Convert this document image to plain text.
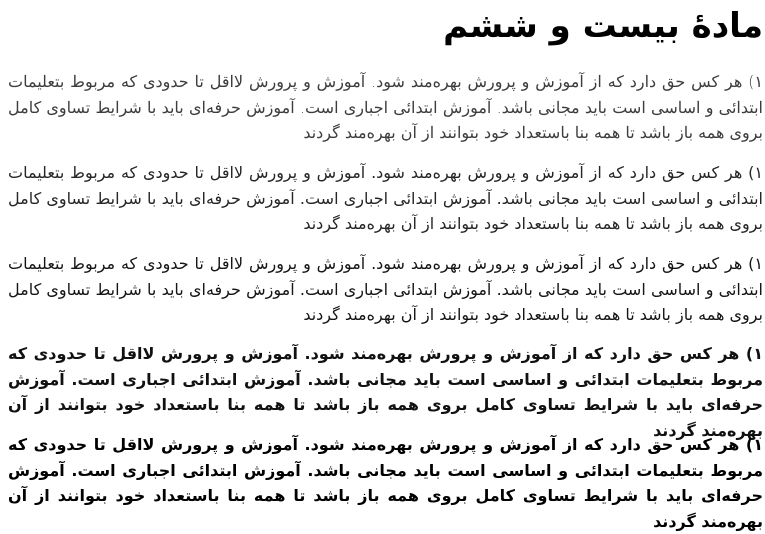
مادهٔ بیست و ششم

۱) هر کس حق دارد که از آموزش و پرورش بهره‌مند شود. آموزش و پرورش لااقل تا حدودی که مربوط بتعلیمات ابتدائی و اساسی است باید مجانی باشد. آموزش ابتدائی اجباری است. آموزش حرفه‌ای باید با شرایط تساوی کامل بروی همه باز باشد تا همه بنا باستعداد خود بتوانند از آن بهره‌مند گردند

۱) هر کس حق دارد که از آموزش و پرورش بهره‌مند شود. آموزش و پرورش لااقل تا حدودی که مربوط بتعلیمات ابتدائی و اساسی است باید مجانی باشد. آموزش ابتدائی اجباری است. آموزش حرفه‌ای باید با شرایط تساوی کامل بروی همه باز باشد تا همه بنا باستعداد خود بتوانند از آن بهره‌مند گردند

۱) هر کس حق دارد که از آموزش و پرورش بهره‌مند شود. آموزش و پرورش لااقل تا حدودی که مربوط بتعلیمات ابتدائی و اساسی است باید مجانی باشد. آموزش ابتدائی اجباری است. آموزش حرفه‌ای باید با شرایط تساوی کامل بروی همه باز باشد تا همه بنا باستعداد خود بتوانند از آن بهره‌مند گردند

۱) هر کس حق دارد که از آموزش و پرورش بهره‌مند شود. آموزش و پرورش لااقل تا حدودی که مربوط بتعلیمات ابتدائی و اساسی است باید مجانی باشد. آموزش ابتدائی اجباری است. آموزش حرفه‌ای باید با شرایط تساوی کامل بروی همه باز باشد تا همه بنا باستعداد خود بتوانند از آن بهره‌مند گردند

۱) هر کس حق دارد که از آموزش و پرورش بهره‌مند شود. آموزش و پرورش لااقل تا حدودی که مربوط بتعلیمات ابتدائی و اساسی است باید مجانی باشد. آموزش ابتدائی اجباری است. آموزش حرفه‌ای باید با شرایط تساوی کامل بروی همه باز باشد تا همه بنا باستعداد خود بتوانند از آن بهره‌مند گردند
